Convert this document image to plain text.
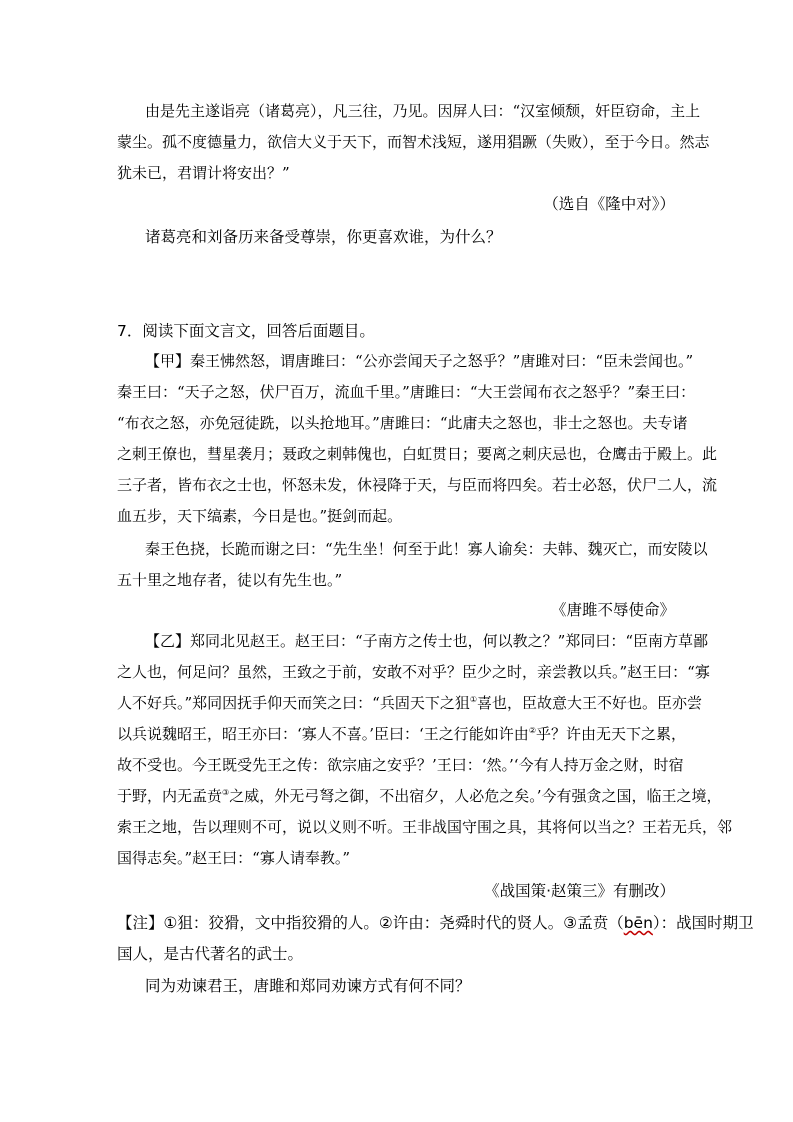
由是先主遂诣亮（诸葛亮），凡三往，乃见。因屏人曰：“汉室倾颓，奸臣窃命，主上
蒙尘。孤不度德量力，欲信大义于天下，而智术浅短，遂用猖蹶（失败），至于今日。然志
犹未已，君谓计将安出？”
（选自《隆中对》）
诸葛亮和刘备历来备受尊崇，你更喜欢谁，为什么？
7．阅读下面文言文，回答后面题目。
【甲】秦王怫然怒，谓唐雎曰：“公亦尝闻天子之怒乎？”唐雎对曰：“臣未尝闻也。”
秦王曰：“天子之怒，伏尸百万，流血千里。”唐雎曰：“大王尝闻布衣之怒乎？”秦王曰：
“布衣之怒，亦免冠徒跣，以头抢地耳。”唐雎曰：“此庸夫之怒也，非士之怒也。夫专诸
之刺王僚也，彗星袭月；聂政之刺韩傀也，白虹贯日；要离之刺庆忌也，仓鹰击于殿上。此
三子者，皆布衣之士也，怀怒未发，休祲降于天，与臣而将四矣。若士必怒，伏尸二人，流
血五步，天下缟素，今日是也。”挺剑而起。
秦王色挠，长跪而谢之曰：“先生坐！何至于此！寡人谕矣：夫韩、魏灭亡，而安陵以
五十里之地存者，徒以有先生也。”
《唐雎不辱使命》
【乙】郑同北见赵王。赵王曰：“子南方之传士也，何以教之？”郑同曰：“臣南方草鄙
之人也，何足问？虽然，王致之于前，安敢不对乎？臣少之时，亲尝教以兵。”赵王曰：“寡
人不好兵。”郑同因抚手仰天而笑之曰：“兵固天下之狙①喜也，臣故意大王不好也。臣亦尝
以兵说魏昭王，昭王亦曰：‘寡人不喜。’臣曰：‘王之行能如许由②乎？许由无天下之累，
故不受也。今王既受先王之传：欲宗庙之安乎？’王曰：‘然。’‘今有人持万金之财，时宿
于野，内无孟贲③之威，外无弓弩之御，不出宿夕，人必危之矣。’今有强贪之国，临王之境，
索王之地，告以理则不可，说以义则不听。王非战国守围之具，其将何以当之？王若无兵，邻
国得志矣。”赵王曰：“寡人请奉教。”
《战国策·赵策三》有删改）
【注】①狙：狡猾，文中指狡猾的人。②许由：尧舜时代的贤人。③孟贲（bēn）：战国时期卫
国人，是古代著名的武士。
同为劝谏君王，唐雎和郑同劝谏方式有何不同？
